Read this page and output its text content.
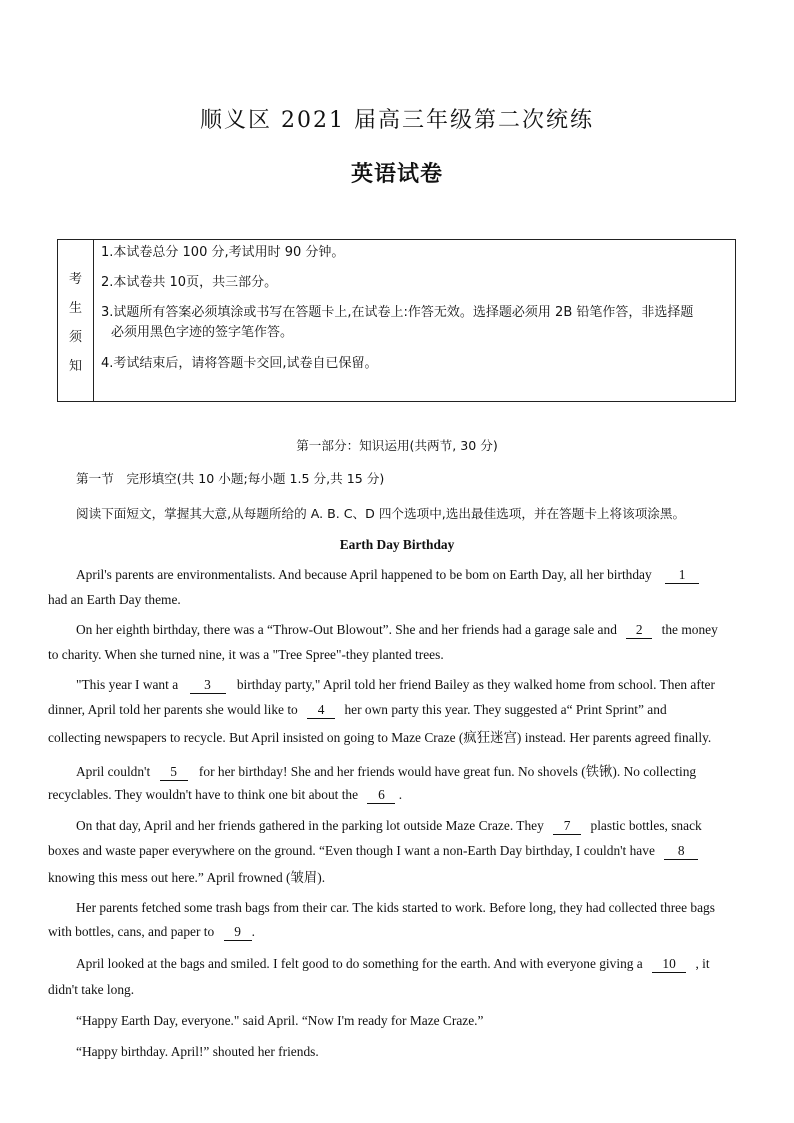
顺义区 2021 届高三年级第二次统练
英语试卷
考
生
须
知

1.本试卷总分 100 分,考试用时 90 分钟。

2.本试卷共 10页，共三部分。

3.试题所有答案必须填涂或书写在答题卡上,在试卷上:作答无效。选择题必须用 2B 铅笔作答，非选择题

必须用黑色字迹的签字笔作答。

4.考试结束后，请将答题卡交回,试卷自已保留。

第一部分：知识运用(共两节, 30 分)
第一节　完形填空(共 10 小题;每小题 1.5 分,共 15 分)
阅读下面短文，掌握其大意,从每题所给的 A. B. C、D 四个选项中,选出最佳选项，并在答题卡上将该项涂黑。
Earth Day Birthday
April's parents are environmentalists. And because April happened to be bom on Earth Day, all her birthday 1
had an Earth Day theme.
On her eighth birthday, there was a “Throw-Out Blowout”. She and her friends had a garage sale and 2 the money
to charity. When she turned nine, it was a "Tree Spree"-they planted trees.
"This year I want a 3 birthday party," April told her friend Bailey as they walked home from school. Then after
dinner, April told her parents she would like to 4 her own party this year. They suggested a“ Print Sprint” and
collecting newspapers to recycle. But April insisted on going to Maze Craze (疯狂迷宫) instead. Her parents agreed finally.
April couldn't 5 for her birthday! She and her friends would have great fun. No shovels (铁锹). No collecting
recyclables. They wouldn't have to think one bit about the 6 .
On that day, April and her friends gathered in the parking lot outside Maze Craze. They 7 plastic bottles, snack
boxes and waste paper everywhere on the ground. “Even though I want a non-Earth Day birthday, I couldn't have 8
knowing this mess out here.” April frowned (皱眉).
Her parents fetched some trash bags from their car. The kids started to work. Before long, they had collected three bags
with bottles, cans, and paper to 9 .
April looked at the bags and smiled. I felt good to do something for the earth. And with everyone giving a 10 , it
didn't take long.
“Happy Earth Day, everyone." said April. “Now I'm ready for Maze Craze.”
“Happy birthday. April!” shouted her friends.
